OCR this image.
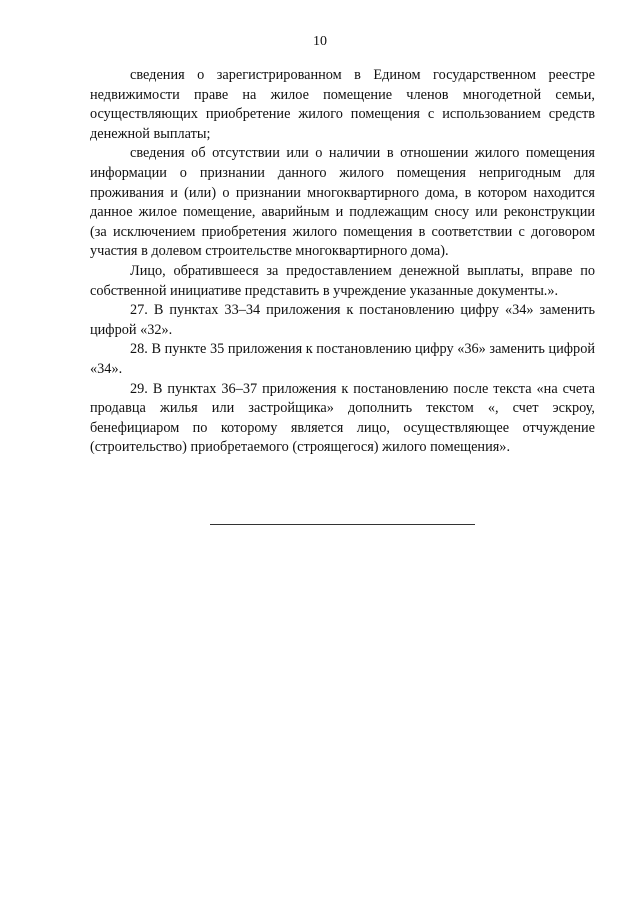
10

сведения о зарегистрированном в Едином государственном реестре недвижимости праве на жилое помещение членов многодетной семьи, осуществляющих приобретение жилого помещения с использованием средств денежной выплаты;

сведения об отсутствии или о наличии в отношении жилого помещения информации о признании данного жилого помещения непригодным для проживания и (или) о признании многоквартирного дома, в котором находится данное жилое помещение, аварийным и подлежащим сносу или реконструкции (за исключением приобретения жилого помещения в соответствии с договором участия в долевом строительстве многоквартирного дома).

Лицо, обратившееся за предоставлением денежной выплаты, вправе по собственной инициативе представить в учреждение указанные документы.».

27. В пунктах 33–34 приложения к постановлению цифру «34» заменить цифрой «32».

28. В пункте 35 приложения к постановлению цифру «36» заменить цифрой «34».

29. В пунктах 36–37 приложения к постановлению после текста «на счета продавца жилья или застройщика» дополнить текстом «, счет эскроу, бенефициаром по которому является лицо, осуществляющее отчуждение (строительство) приобретаемого (строящегося) жилого помещения».
